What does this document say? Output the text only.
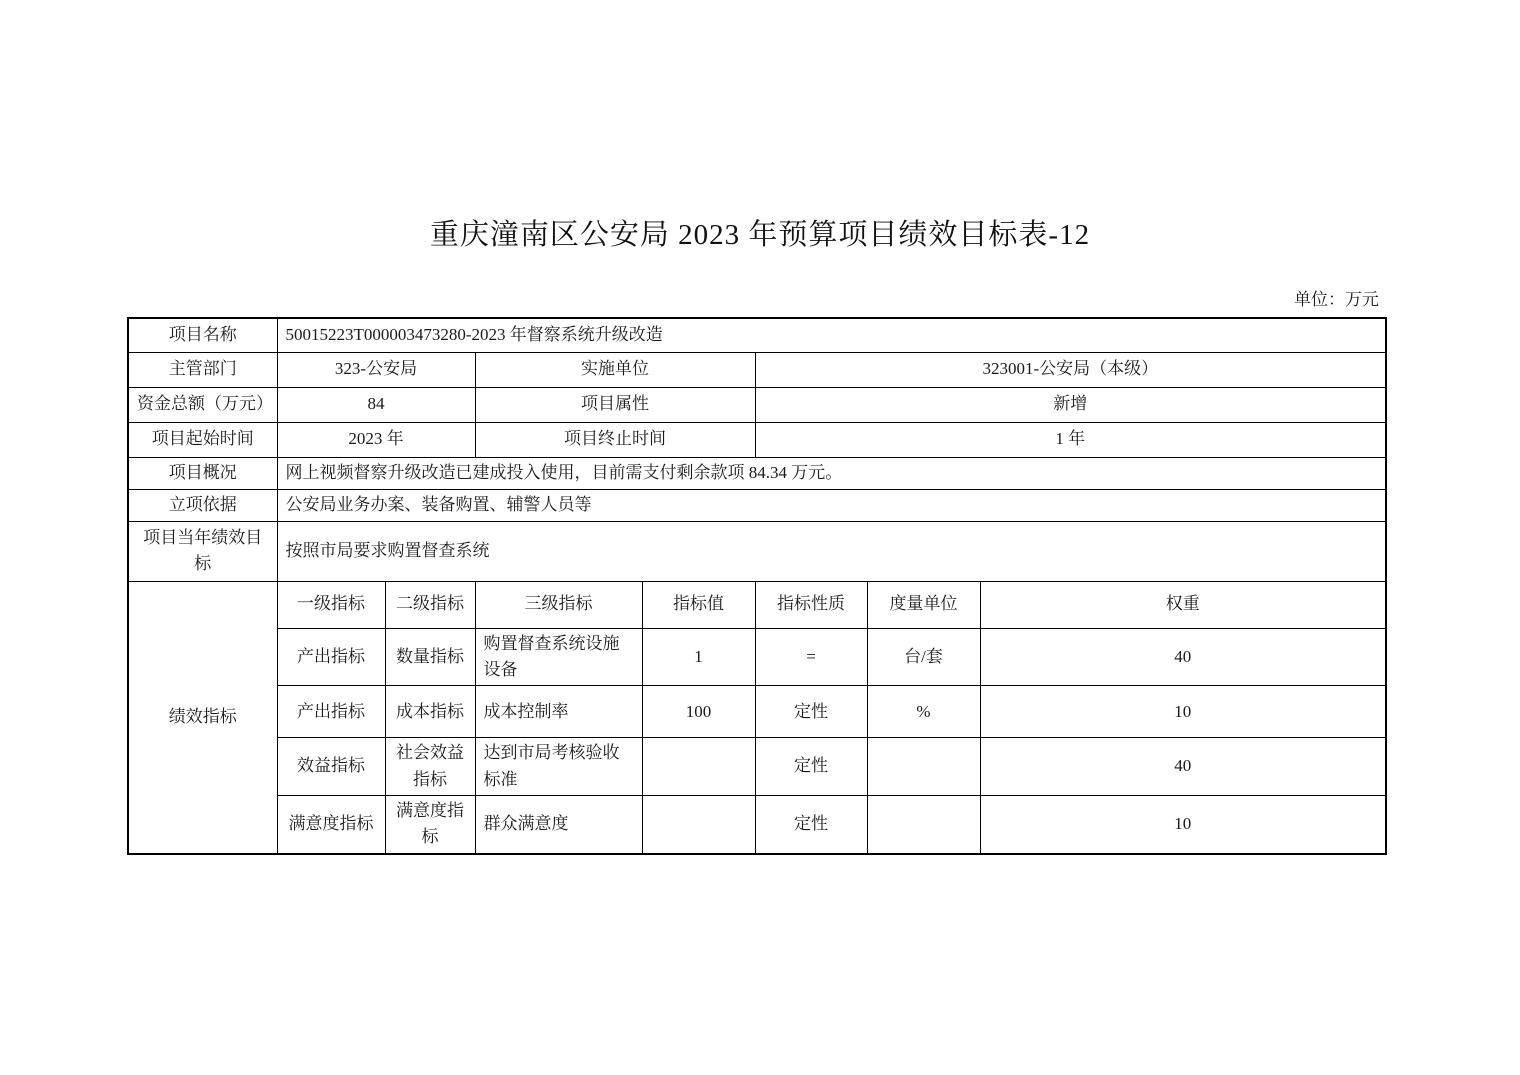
重庆潼南区公安局 2023 年预算项目绩效目标表-12
单位：万元
项目名称	50015223T000003473280-2023 年督察系统升级改造						
主管部门	323-公安局		实施单位		323001-公安局（本级）		
资金总额（万元）	84		项目属性		新增		
项目起始时间	2023 年		项目终止时间		1 年		
项目概况	网上视频督察升级改造已建成投入使用，目前需支付剩余款项 84.34 万元。						
立项依据	公安局业务办案、装备购置、辅警人员等						
项目当年绩效目标	按照市局要求购置督查系统						
绩效指标	一级指标	二级指标	三级指标	指标值	指标性质	度量单位	权重
	产出指标	数量指标	购置督查系统设施设备	1	=	台/套	40
	产出指标	成本指标	成本控制率	100	定性	%	10
	效益指标	社会效益指标	达到市局考核验收标准		定性		40
	满意度指标	满意度指标	群众满意度		定性		10
